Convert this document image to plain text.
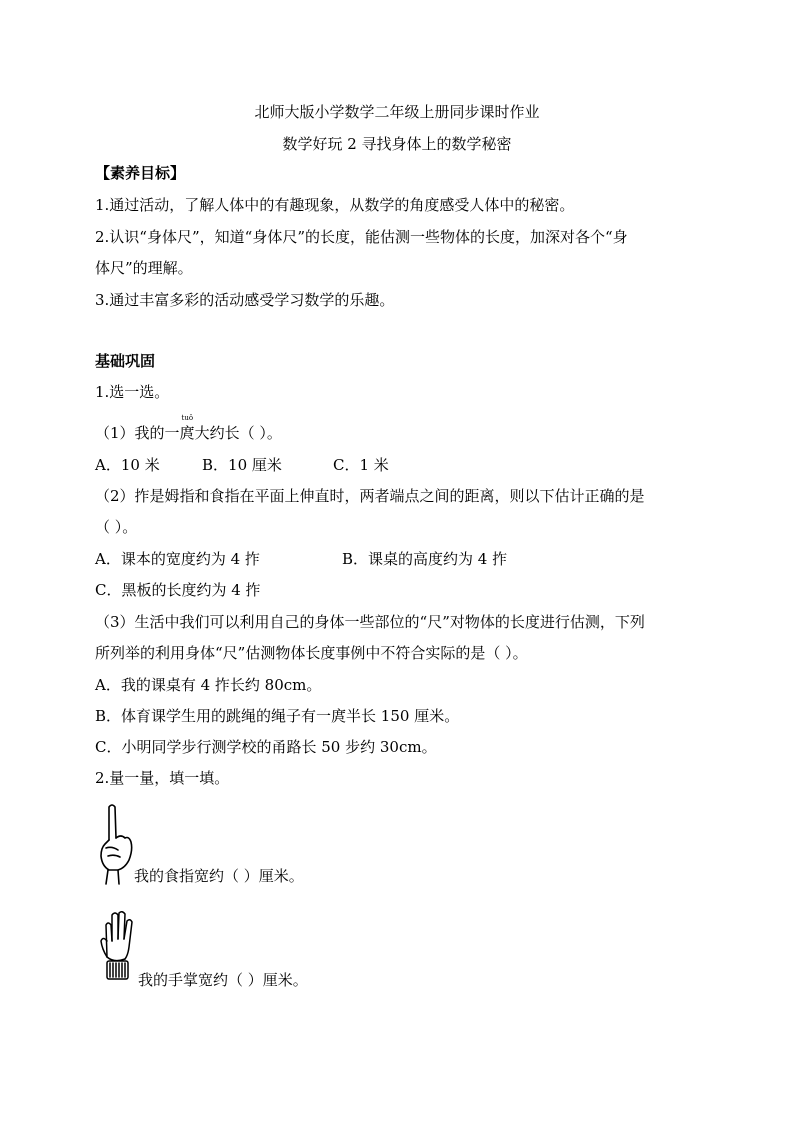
北师大版小学数学二年级上册同步课时作业
数学好玩 2 寻找身体上的数学秘密
【素养目标】
1.通过活动，了解人体中的有趣现象，从数学的角度感受人体中的秘密。
2.认识“身体尺”，知道“身体尺”的长度，能估测一些物体的长度，加深对各个“身
体尺”的理解。
3.通过丰富多彩的活动感受学习数学的乐趣。
基础巩固
1.选一选。
（1）我的一
tuǒ
庹大约长（ ）。
A．10 米	B．10 厘米	C．1 米
（2）拃是姆指和食指在平面上伸直时，两者端点之间的距离，则以下估计正确的是
（ ）。
A．课本的宽度约为 4 拃	B．课桌的高度约为 4 拃
C．黑板的长度约为 4 拃
（3）生活中我们可以利用自己的身体一些部位的“尺”对物体的长度进行估测，下列
所列举的利用身体“尺”估测物体长度事例中不符合实际的是（ ）。
A．我的课桌有 4 拃长约 80cm。
B．体育课学生用的跳绳的绳子有一庹半长 150 厘米。
C．小明同学步行测学校的甬路长 50 步约 30cm。
2.量一量，填一填。
我的食指宽约（ ）厘米。
我的手掌宽约（ ）厘米。
